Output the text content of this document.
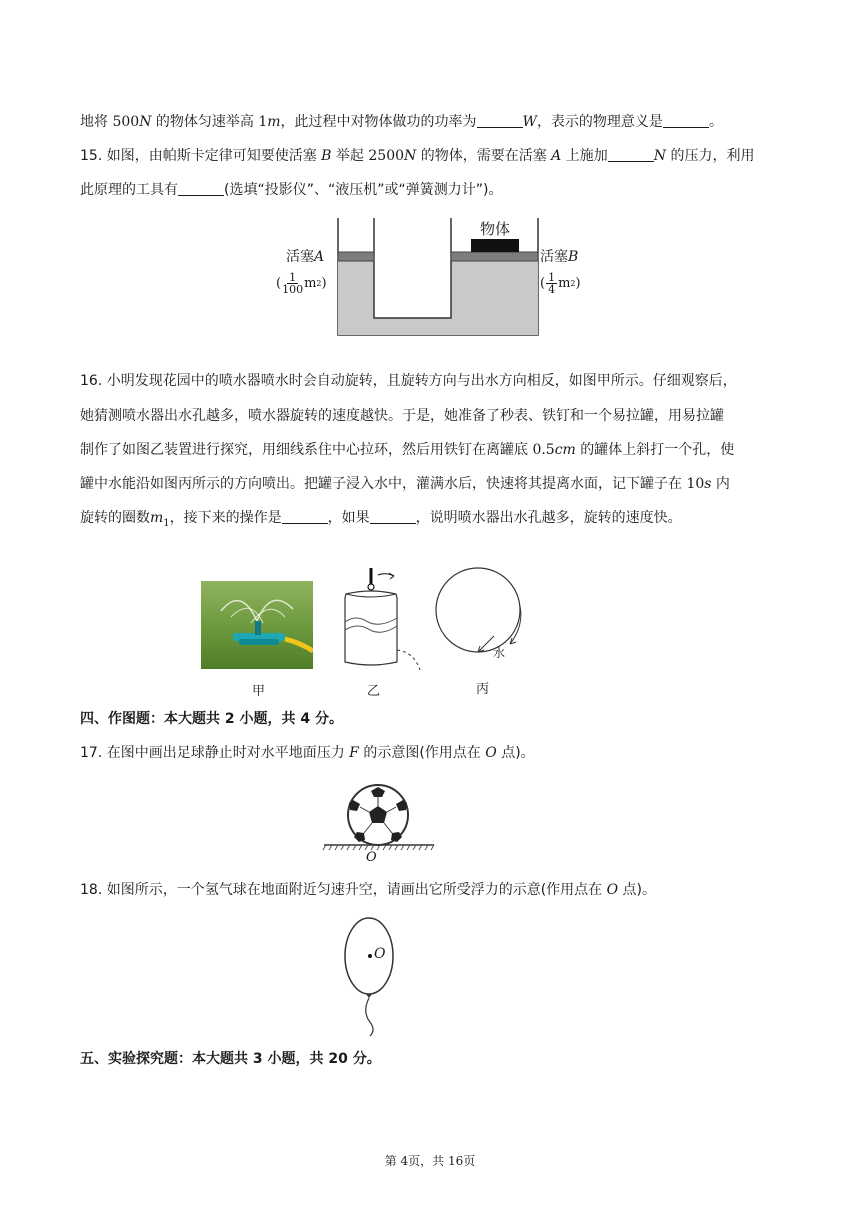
地将 500N 的物体匀速举高 1m，此过程中对物体做功的功率为	W，表示的物理意义是	。
15. 如图，由帕斯卡定律可知要使活塞 B 举起 2500N 的物体，需要在活塞 A 上施加	N 的压力，利用
此原理的工具有	(选填“投影仪”、“液压机”或“弹簧测力计”)。
物体
活塞A
( $\frac{1}{100}$ m 2 )
活塞B
( $\frac{1}{4}$ m 2 )
16. 小明发现花园中的喷水器喷水时会自动旋转，且旋转方向与出水方向相反，如图甲所示。仔细观察后，
她猜测喷水器出水孔越多，喷水器旋转的速度越快。于是，她准备了秒表、铁钉和一个易拉罐，用易拉罐
制作了如图乙装置进行探究，用细线系住中心拉环，然后用铁钉在离罐底 0.5cm 的罐体上斜打一个孔，使
罐中水能沿如图丙所示的方向喷出。把罐子浸入水中，灌满水后，快速将其提离水面，记下罐子在 10s 内
旋转的圈数$m_1$，接下来的操作是	，如果	，说明喷水器出水孔越多，旋转的速度快。
甲	乙
水
丙
四、作图题：本大题共 2 小题，共 4 分。
17. 在图中画出足球静止时对水平地面压力 F 的示意图(作用点在 O 点)。
O
18. 如图所示，一个氢气球在地面附近匀速升空，请画出它所受浮力的示意(作用点在 O 点)。
O
五、实验探究题：本大题共 3 小题，共 20 分。
第 4页，共 16页
